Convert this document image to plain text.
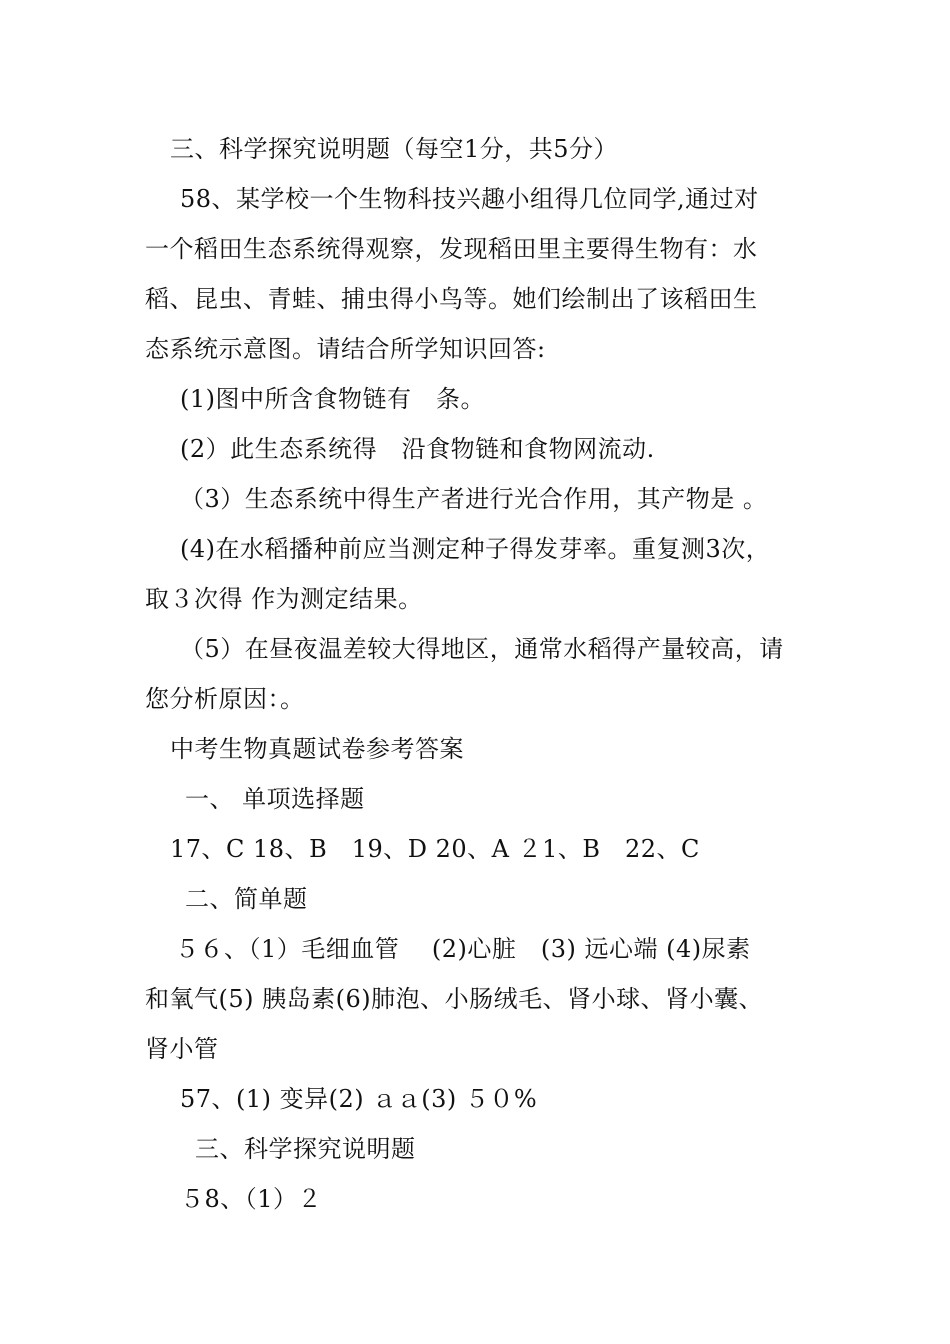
三、科学探究说明题（每空1分，共5分）
58、某学校一个生物科技兴趣小组得几位同学,通过对
一个稻田生态系统得观察，发现稻田里主要得生物有：水
稻、昆虫、青蛙、捕虫得小鸟等。她们绘制出了该稻田生
态系统示意图。请结合所学知识回答:
(1)图中所含食物链有　条。
(2）此生态系统得　沿食物链和食物网流动.
（3）生态系统中得生产者进行光合作用，其产物是 。
(4)在水稻播种前应当测定种子得发芽率。重复测3次，
取３次得 作为测定结果。
（5）在昼夜温差较大得地区，通常水稻得产量较高，请
您分析原因：。
中考生物真题试卷参考答案
一、 单项选择题
17、C 18、B　19、D 20、A ２1、B　22、C
二、简单题
５６、（1）毛细血管　 (2)心脏　(3) 远心端 (4)尿素
和氧气(5) 胰岛素(6)肺泡、小肠绒毛、肾小球、肾小囊、
肾小管
57、(1) 变异(2) ａａ(3) ５０%
三、科学探究说明题
５8、（1）２
